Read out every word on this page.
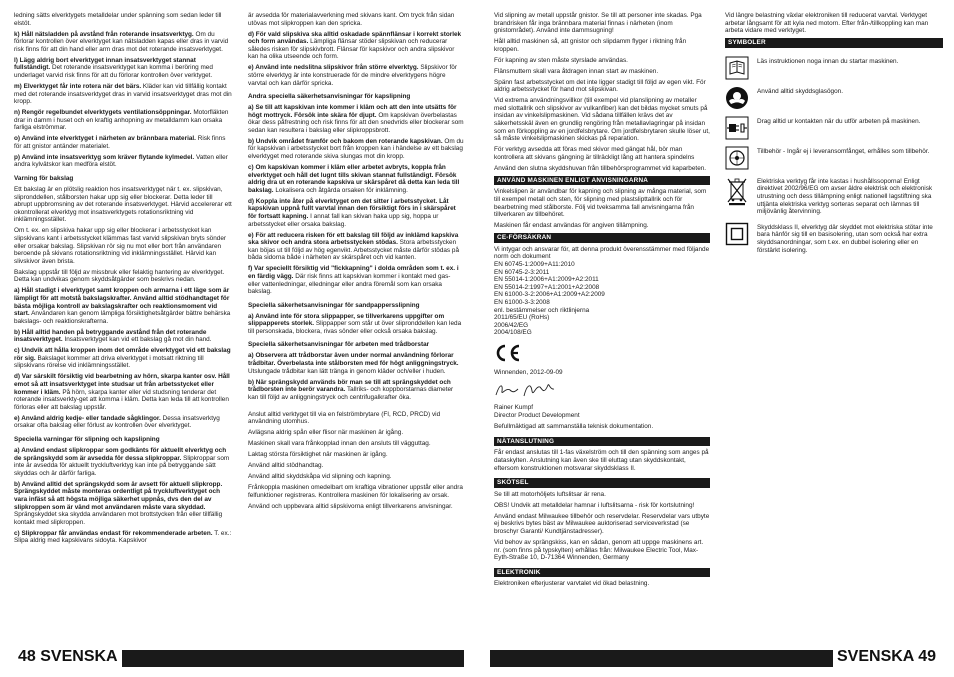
ledning sätts elverktygets metalldelar under spänning som sedan leder till elstöt.

k) Håll nätsladden på avstånd från roterande insatsverktyg. Om du förlorar kontrollen över elverktyget kan nätsladden kapas eller dras in varvid risk finns för att din hand eller arm dras mot det roterande insatsverktyget.

l) Lägg aldrig bort elverktyget innan insatsverktyget stannat fullständigt. Det roterande insatsverktyget kan komma i beröring med underlaget varvid risk finns för att du förlorar kontrollen över verktyget.

m) Elverktyget får inte rotera när det bärs. Kläder kan vid tillfällig kontakt med det roterande insatsverktyget dras in varvid insatsverktyget dras mot din kropp.

n) Rengör regelbundet elverktygets ventilationsöppningar. Motorfläkten drar in damm i huset och en kraftig anhopning av metalldamm kan orsaka farliga elströmmar.

o) Använd inte elverktyget i närheten av brännbara material. Risk finns för att gnistor antänder materialet.

p) Använd inte insatsverktyg som kräver flytande kylmedel. Vatten eller andra kylvätskor kan medföra elstöt.

Varning för bakslag

Ett bakslag är en plötslig reaktion hos insatsverktyget när t. ex. slipskivan, slipronddellen, stålborsten hakar upp sig eller blockerar. Detta leder till abrupt uppbromsning av det roterande insatsverktyget. Härvid accelererar ett okontrollerat elverktyg mot insatsverktygets rotationsriktning vid inklämningsstället.

Om t. ex. en slipskiva hakar upp sig eller blockerar i arbetsstycket kan slipskivans kant i arbetsstycket klämmas fast varvid slipskivan bryts sönder eller orsakar bakslag. Slipskivan rör sig nu mot eller bort från användaren beroende på skivans rotationsriktning vid inklämningsstället. Härvid kan slivskivor även brista.

Bakslag uppstår till följd av missbruk eller felaktig hantering av elverktyget. Detta kan undvikas genom skyddsåtgärder som beskrivs nedan.

a) Håll stadigt i elverktyget samt kroppen och armarna i ett läge som är lämpligt för att motstå bakslagskrafter. Använd alltid stödhandtaget för bästa möjliga kontroll av bakslagskrafter och reaktionsmoment vid start. Användaren kan genom lämpliga försiktighetsåtgärder bättre behärska bakslags- och reaktionskrafterna.

b) Håll alltid handen på betryggande avstånd från det roterande insatsverktyget. Insatsverktyget kan vid ett bakslag gå mot din hand.

c) Undvik att hålla kroppen inom det område elverktyget vid ett bakslag rör sig. Bakslaget kommer att driva elverktyget i motsatt riktning till slipskivans rörelse vid inklämningsstället.

d) Var särskilt försiktig vid bearbetning av hörn, skarpa kanter osv. Håll emot så att insatsverktyget inte studsar ut från arbetsstycket eller kommer i kläm. På hörn, skarpa kanter eller vid studsning tenderar det roterande insatsverkty-get att komma i kläm. Detta kan leda till att kontrollen förloras eller att bakslag uppstår.

e) Använd aldrig kedje- eller tandade sågklingor. Dessa insatsverktyg orsakar ofta bakslag eller förlust av kontrollen över elverktyget.

Speciella varningar för slipning och kapslipning

a) Använd endast slipkroppar som godkänts för aktuellt elverktyg och de sprängskydd som är avsedda för dessa slipkroppar. Slipkroppar som inte är avsedda för aktuellt tryckluftverktyg kan inte på betryggande sätt skyddas och är därför farliga.

b) Använd alltid det sprängskydd som är avsett för aktuell slipkropp. Sprängskyddet måste monteras ordentligt på tryckluftverktyget och vara infäst så att högsta möjliga säkerhet uppnås, dvs den del av slipkroppen som är vänd mot användaren måste vara skyddad. Sprängskyddet ska skydda användaren mot brottstycken från eller tillfällig kontakt med slipkroppen.

c) Slipkroppar får användas endast för rekommenderade arbeten. T. ex.: Slipa aldrig med kapskivans sidoyta. Kapskivor

är avsedda för materialavverkning med skivans kant. Om tryck från sidan utövas mot slipkroppen kan den spricka.

d) För vald slipskiva ska alltid oskadade spännflänsar i korrekt storlek och form användas. Lämpliga flänsar stöder slipskivan och reducerar således risken för slipskivbrott. Flänsar för kapskivor och andra slipskivor kan ha olika utseende och form.

e) Använd inte nedslitna slipskivor från större elverktyg. Slipskivor för större elverktyg är inte konstruerade för de mindre elverktygens högre varvtal och kan därför spricka.

Andra speciella säkerhetsanvisningar för kapslipning

a) Se till att kapskivan inte kommer i kläm och att den inte utsätts för högt mottryck. Försök inte skära för djupt. Om kapskivan överbelastas ökar dess påfrestning och risk finns för att den snedvrids eller blockerar som sedan kan resultera i bakslag eller slipkroppsbrott.

b) Undvik området framför och bakom den roterande kapskivan. Om du för kapskivan i arbetsstycket bort från kroppen kan i händelse av ett bakslag elverktyget med roterande skiva slungas mot din kropp.

c) Om kapskivan kommer i kläm eller arbetet avbryts, koppla från elverktyget och håll det lugnt tills skivan stannat fullständigt. Försök aldrig dra ut en roterande kapskiva ur skärspåret då detta kan leda till bakslag. Lokalisera och åtgärda orsaken för inklämning.

d) Koppla inte åter på elverktyget om det sitter i arbetsstycket. Låt kapskivan uppnå fullt varvtal innan den försiktigt förs in i skärspåret för fortsatt kapning. I annat fall kan skivan haka upp sig, hoppa ur arbetsstycket eller orsaka bakslag.

e) För att reducera risken för ett bakslag till följd av inklämd kapskiva ska skivor och andra stora arbetsstycken stödas. Stora arbetsstycken kan böjas ut till följd av hög egenvikt. Arbetsstycket måste därför stödas på båda sidorna både i närheten av skärspåret och vid kanten.

f) Var speciellt försiktig vid "fickkapning" i dolda områden som t. ex. i en färdig vägg. Där risk finns att kapskivan kommer i kontakt med gas- eller vattenledningar, elledningar eller andra föremål som kan orsaka bakslag.

Speciella säkerhetsanvisningar för sandpappersslipning

a) Använd inte för stora slippapper, se tillverkarens uppgifter om slippapperets storlek. Slippapper som står ut över slipronddellen kan leda till personskada, blockera, rivas sönder eller också orsaka bakslag.

Speciella säkerhetsanvisningar för arbeten med trådborstar

a) Observera att trådborstar även under normal användning förlorar trådbitar. Överbelasta inte stålborsten med för högt anliggningstryck. Utslungade trådbitar kan lätt tränga in genom kläder och/eller i huden.

b) När sprängskydd används bör man se till att sprängskyddet och trådborsten inte berör varandra. Tallriks- och koppborstarnas diameter kan till följd av anliggningstryck och centrifugalkrafter öka.

Anslut alltid verktyget till via en felströmbrytare (FI, RCD, PRCD) vid användning utomhus.

Avlägsna aldrig spån eller flisor när maskinen är igång.

Maskinen skall vara frånkopplad innan den ansluts till vägguttag.

Laktag största försiktighet när maskinen är igång.

Använd alltid stödhandtag.

Använd alltid skyddskåpa vid slipning och kapning.

Frånkoppla maskinen omedelbart om kraftiga vibrationer uppstår eller andra felfunktioner registreras. Kontrollera maskinen för lokalisering av orsak.

Använd och uppbevara alltid slipskivorna enligt tillverkarens anvisningar.

Vid slipning av metall uppstår gnistor. Se till att personer inte skadas. Pga brandrisken får inga brännbara material finnas i närheten (inom gnistområdet). Använd inte dammsugning!

Håll alltid maskinen så, att gnistor och slipdamm flyger i riktning från kroppen.

För kapning av sten måste styrslade användas.

Flänsmuttern skall vara åtdragen innan start av maskinen.

Spänn fast arbetsstycket om det inte ligger stadigt till följd av egen vikt. För aldrig arbetsstycket för hand mot slipskivan.

Vid extrema användningsvillkor (till exempel vid planslipning av metaller med slottallrik och slipskivor av vulkanfiber) kan det bildas mycket smuts på insidan av vinkelslipmaskinen. Vid sådana tillfällen krävs det av säkerhetsskäl även en grundlig rengöring från metallavlagringar på insidan som en förkoppling av en jordfelsbrytare. Om jordfelsbrytaren skulle löser ut, så måste vinkelslipmaskinen skickas på reparation.

För verktyg avsedda att föras med skivor med gängat hål, bör man kontrollera att skivans gängning är tillräckligt lång att hantera spindelns

Använd den slutna skyddshuvan från tillbehörsprogrammet vid kaparbeten.

ANVÄND MASKINEN ENLIGT ANVISNINGARNA

Vinkelslipen är användbar för kapning och slipning av många material, som till exempel metall och sten, för slipning med plastslipttallrik och för bearbetning med stålborste. Följ vid tveksamma fall anvisningarna från tillverkaren av tillbehöret.

Maskinen får endast användas för angiven tillämpning.

CE-FÖRSÄKRAN
Vi intygar och ansvarar för, att denna produkt överensstämmer med följande norm och dokument
EN 60745-1:2009+A11:2010
EN 60745-2-3:2011
EN 55014-1:2006+A1:2009+A2:2011
EN 55014-2:1997+A1:2001+A2:2008
EN 61000-3-2:2006+A1:2009+A2:2009
EN 61000-3-3:2008
enl. bestämmelser och riktlinjerna
2011/65/EU (RoHs)
2006/42/EG
2004/108/EG

Winnenden, 2012-09-09

Rainer Kumpf

Director Product Development

Befullmäktigad att sammanställa teknisk dokumentation.

NÄTANSLUTNING

Får endast anslutas till 1-fas växelström och till den spänning som anges på dataskylten. Anslutning kan även ske till eluttag utan skyddskontakt, eftersom konstruktionen motsvarar skyddsklass II.

SKÖTSEL

Se till att motorhöljets luftslitsar är rena.

OBS! Undvik att metalldelar hamnar i luftslitsarna - risk för kortslutning!

Använd endast Milwaukee tillbehör och reservdelar. Reservdelar vars utbyte ej beskrivs bytes bäst av Milwaukee auktoriserad serviceverkstad (se broschyr Garanti/ Kundtjänstadresser).

Vid behov av sprängskiss, kan en sådan, genom att uppge maskinens art. nr. (som finns på typskylten) erhållas från: Milwaukee Electric Tool, Max-Eyth-Straße 10, D-71364 Winnenden, Germany

ELEKTRONIK

Elektroniken efterjusterar varvtalet vid ökad belastning.

Vid längre belastning växlar elektroniken till reducerat varvtal. Verktyget arbetar långsamt för att kyla ned motorn. Efter från-/tillkoppling kan man arbeta vidare med verktyget.

SYMBOLER
Läs instruktionen noga innan du startar maskinen.
Använd alltid skyddsglasögon.
Drag alltid ur kontakten när du utför arbeten på maskinen.
Tillbehör - Ingår ej i leveransomfånget, erhålles som tillbehör.
Elektriska verktyg får inte kastas i hushållssoporna! Enligt direktivet 2002/96/EG om avser äldre elektrisk och elektronisk utrustning och dess tillämpning enligt nationell lagstiftning ska uttjänta elektriska verktyg sorteras separat och lämnas till miljövänlig återvinning.
Skyddsklass II, elverktyg där skyddet mot elektriska stötar inte bara hänför sig till en basisolering, utan som också har extra skyddsanordningar, som t.ex. en dubbel isolering eller en förstärkt isolering.
48 SVENSKA	SVENSKA 49
